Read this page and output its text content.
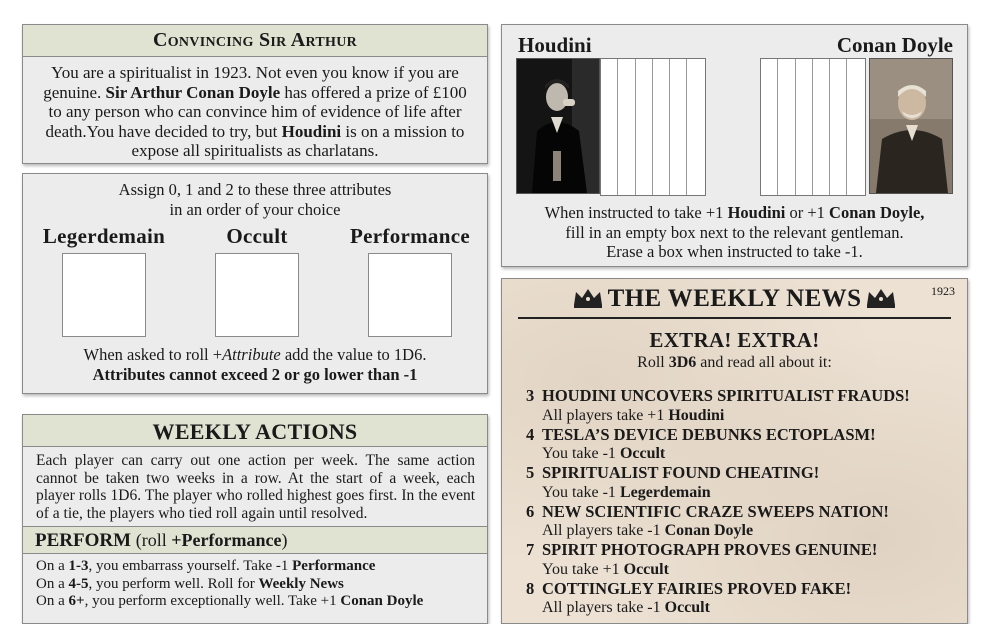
Convincing Sir Arthur
You are a spiritualist in 1923. Not even you know if you are genuine. Sir Arthur Conan Doyle has offered a prize of £100 to any person who can convince him of evidence of life after death.You have decided to try, but Houdini is on a mission to expose all spiritualists as charlatans.
Assign 0, 1 and 2 to these three attributes
in an order of your choice
Legerdemain	Occult	Performance
When asked to roll +Attribute add the value to 1D6.
Attributes cannot exceed 2 or go lower than -1
WEEKLY ACTIONS
Each player can carry out one action per week. The same action cannot be taken two weeks in a row. At the start of a week, each player rolls 1D6. The player who rolled highest goes first. In the event of a tie, the players who tied roll again until resolved.
PERFORM (roll +Performance)
On a 1-3, you embarrass yourself. Take -1 Performance
On a 4-5, you perform well. Roll for Weekly News
On a 6+, you perform exceptionally well. Take +1 Conan Doyle
Houdini	Conan Doyle
When instructed to take +1 Houdini or +1 Conan Doyle,
fill in an empty box next to the relevant gentleman.
Erase a box when instructed to take -1.
THE WEEKLY NEWS	1923
EXTRA! EXTRA!
Roll 3D6 and read all about it:
3 HOUDINI UNCOVERS SPIRITUALIST FRAUDS!
All players take +1 Houdini
4 TESLA’S DEVICE DEBUNKS ECTOPLASM!
You take -1 Occult
5 SPIRITUALIST FOUND CHEATING!
You take -1 Legerdemain
6 NEW SCIENTIFIC CRAZE SWEEPS NATION!
All players take -1 Conan Doyle
7 SPIRIT PHOTOGRAPH PROVES GENUINE!
You take +1 Occult
8 COTTINGLEY FAIRIES PROVED FAKE!
All players take -1 Occult
